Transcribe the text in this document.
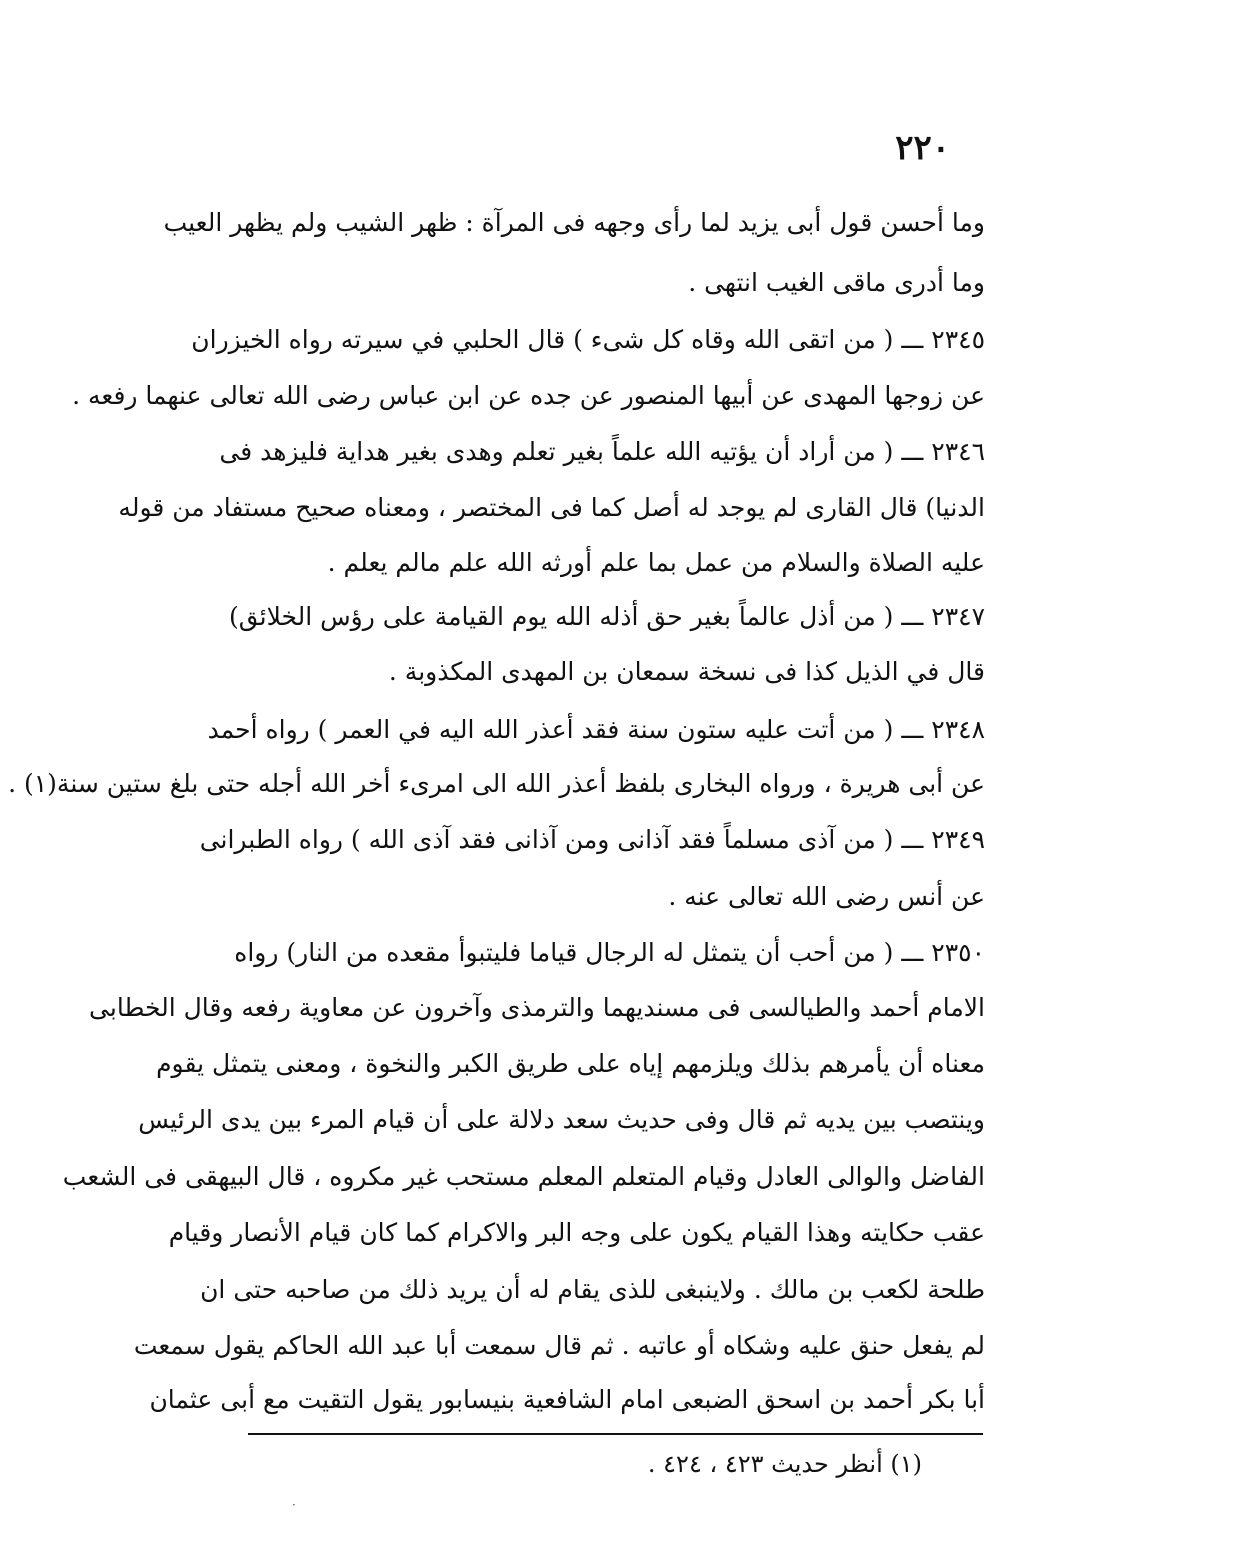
٢٢٠
وما أحسن قول أبى يزيد لما رأى وجهه فى المرآة : ظهر الشيب ولم يظهر العيب
وما أدرى ماقى الغيب انتهى .
٢٣٤٥ ـــ ( من اتقى الله وقاه كل شىء ) قال الحلبي في سيرته رواه الخيزران
عن زوجها المهدى عن أبيها المنصور عن جده عن ابن عباس رضى الله تعالى عنهما رفعه .
٢٣٤٦ ـــ ( من أراد أن يؤتيه الله علماً بغير تعلم وهدى بغير هداية فليزهد فى
الدنيا) قال القارى لم يوجد له أصل كما فى المختصر ، ومعناه صحيح مستفاد من قوله
عليه الصلاة والسلام من عمل بما علم أورثه الله علم مالم يعلم .
٢٣٤٧ ـــ ( من أذل عالماً بغير حق أذله الله يوم القيامة على رؤس الخلائق)
قال في الذيل كذا فى نسخة سمعان بن المهدى المكذوبة .
٢٣٤٨ ـــ ( من أتت عليه ستون سنة فقد أعذر الله اليه في العمر ) رواه أحمد
عن أبى هريرة ، ورواه البخارى بلفظ أعذر الله الى امرىء أخر الله أجله حتى بلغ ستين سنة(١) .
٢٣٤٩ ـــ ( من آذى مسلماً فقد آذانى ومن آذانى فقد آذى الله ) رواه الطبرانى
عن أنس رضى الله تعالى عنه .
٢٣٥٠ ـــ ( من أحب أن يتمثل له الرجال قياما فليتبوأ مقعده من النار) رواه
الامام أحمد والطيالسى فى مسنديهما والترمذى وآخرون عن معاوية رفعه وقال الخطابى
معناه أن يأمرهم بذلك ويلزمهم إياه على طريق الكبر والنخوة ، ومعنى يتمثل يقوم
وينتصب بين يديه ثم قال وفى حديث سعد دلالة على أن قيام المرء بين يدى الرئيس
الفاضل والوالى العادل وقيام المتعلم المعلم مستحب غير مكروه ، قال البيهقى فى الشعب
عقب حكايته وهذا القيام يكون على وجه البر والاكرام كما كان قيام الأنصار وقيام
طلحة لكعب بن مالك . ولاينبغى للذى يقام له أن يريد ذلك من صاحبه حتى ان
لم يفعل حنق عليه وشكاه أو عاتبه . ثم قال سمعت أبا عبد الله الحاكم يقول سمعت
أبا بكر أحمد بن اسحق الضبعى امام الشافعية بنيسابور يقول التقيت مع أبى عثمان
(١) أنظر حديث ٤٢٣ ، ٤٢٤ .
·
